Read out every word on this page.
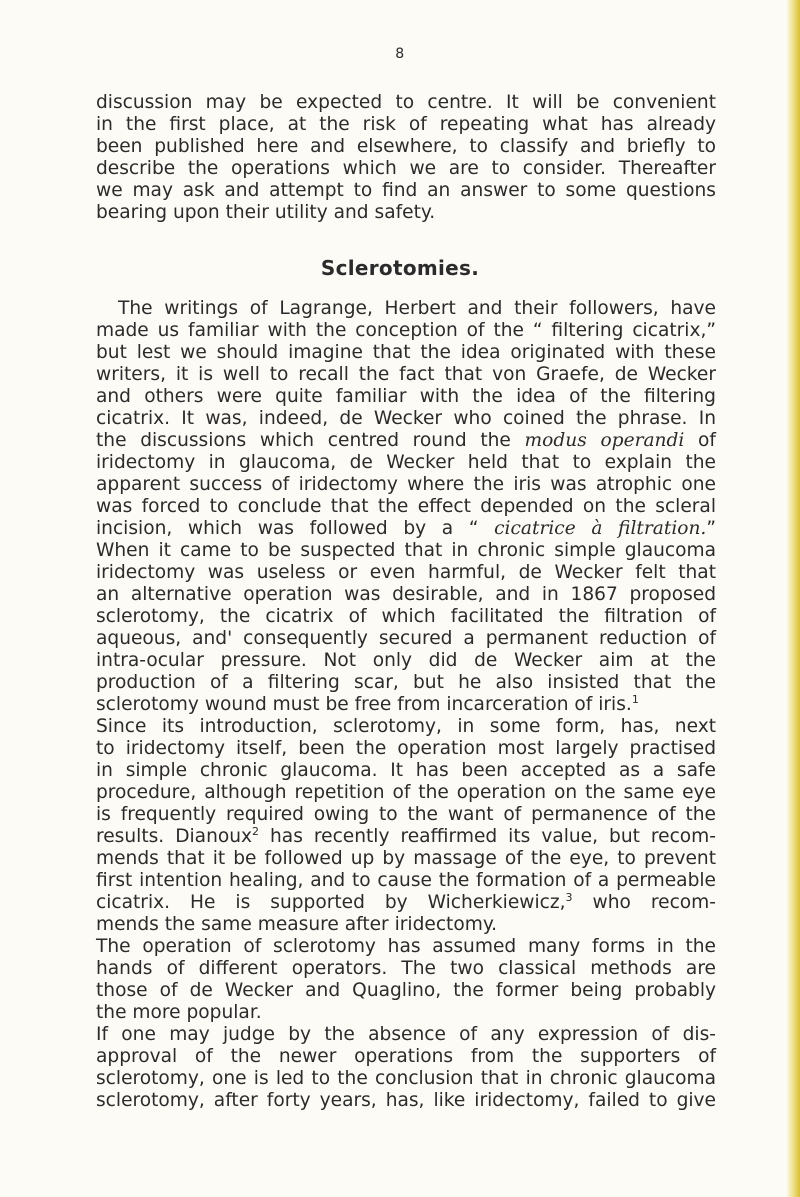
8
discussion may be expected to centre. It will be convenient
in the first place, at the risk of repeating what has already
been published here and elsewhere, to classify and briefly to
describe the operations which we are to consider. Thereafter
we may ask and attempt to find an answer to some questions
bearing upon their utility and safety.
Sclerotomies.
The writings of Lagrange, Herbert and their followers, have
made us familiar with the conception of the “ filtering cicatrix,”
but lest we should imagine that the idea originated with these
writers, it is well to recall the fact that von Graefe, de Wecker
and others were quite familiar with the idea of the filtering
cicatrix. It was, indeed, de Wecker who coined the phrase. In
the discussions which centred round the modus operandi of
iridectomy in glaucoma, de Wecker held that to explain the
apparent success of iridectomy where the iris was atrophic one
was forced to conclude that the effect depended on the scleral
incision, which was followed by a “ cicatrice à filtration.”
When it came to be suspected that in chronic simple glaucoma
iridectomy was useless or even harmful, de Wecker felt that
an alternative operation was desirable, and in 1867 proposed
sclerotomy, the cicatrix of which facilitated the filtration of
aqueous, and' consequently secured a permanent reduction of
intra-ocular pressure. Not only did de Wecker aim at the
production of a filtering scar, but he also insisted that the
sclerotomy wound must be free from incarceration of iris.$^1$
Since its introduction, sclerotomy, in some form, has, next
to iridectomy itself, been the operation most largely practised
in simple chronic glaucoma. It has been accepted as a safe
procedure, although repetition of the operation on the same eye
is frequently required owing to the want of permanence of the
results. Dianoux$^2$ has recently reaffirmed its value, but recom-
mends that it be followed up by massage of the eye, to prevent
first intention healing, and to cause the formation of a permeable
cicatrix. He is supported by Wicherkiewicz,$^3$ who recom-
mends the same measure after iridectomy.
The operation of sclerotomy has assumed many forms in the
hands of different operators. The two classical methods are
those of de Wecker and Quaglino, the former being probably
the more popular.
If one may judge by the absence of any expression of dis-
approval of the newer operations from the supporters of
sclerotomy, one is led to the conclusion that in chronic glaucoma
sclerotomy, after forty years, has, like iridectomy, failed to give
